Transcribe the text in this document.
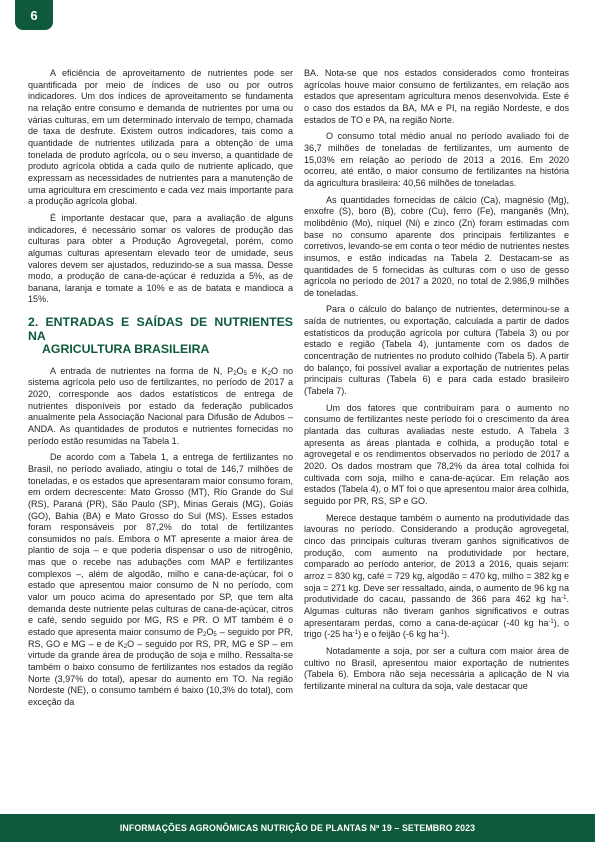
6

A eficiência de aproveitamento de nutrientes pode ser quantificada por meio de índices de uso ou por outros indicadores. Um dos índices de aproveitamento se fundamenta na relação entre consumo e demanda de nutrientes por uma ou várias culturas, em um determinado intervalo de tempo, chamada de taxa de desfrute. Existem outros indicadores, tais como a quantidade de nutrientes utilizada para a obtenção de uma tonelada de produto agrícola, ou o seu inverso, a quantidade de produto agrícola obtida a cada quilo de nutriente aplicado, que expressam as necessidades de nutrientes para a manutenção de uma agricultura em crescimento e cada vez mais importante para a produção agrícola global.

É importante destacar que, para a avaliação de alguns indicadores, é necessário somar os valores de produção das culturas para obter a Produção Agrovegetal, porém, como algumas culturas apresentam elevado teor de umidade, seus valores devem ser ajustados, reduzindo-se a sua massa. Desse modo, a produção de cana-de-açúcar é reduzida a 5%, as de banana, laranja e tomate a 10% e as de batata e mandioca a 15%.

2. ENTRADAS E SAÍDAS DE NUTRIENTES NA
AGRICULTURA BRASILEIRA

A entrada de nutrientes na forma de N, $P_2O_5$ e $K_2O$ no sistema agrícola pelo uso de fertilizantes, no período de 2017 a 2020, corresponde aos dados estatísticos de entrega de nutrientes disponíveis por estado da federação publicados anualmente pela Associação Nacional para Difusão de Adubos – ANDA. As quantidades de produtos e nutrientes fornecidas no período estão resumidas na Tabela 1.

De acordo com a Tabela 1, a entrega de fertilizantes no Brasil, no período avaliado, atingiu o total de 146,7 milhões de toneladas, e os estados que apresentaram maior consumo foram, em ordem decrescente: Mato Grosso (MT), Rio Grande do Sul (RS), Paraná (PR), São Paulo (SP), Minas Gerais (MG), Goiás (GO), Bahia (BA) e Mato Grosso do Sul (MS). Esses estados foram responsáveis por 87,2% do total de fertilizantes consumidos no país. Embora o MT apresente a maior área de plantio de soja – e que poderia dispensar o uso de nitrogênio, mas que o recebe nas adubações com MAP e fertilizantes complexos –, além de algodão, milho e cana-de-açúcar, foi o estado que apresentou maior consumo de N no período, com valor um pouco acima do apresentado por SP, que tem alta demanda deste nutriente pelas culturas de cana-de-açúcar, citros e café, sendo seguido por MG, RS e PR. O MT também é o estado que apresenta maior consumo de $P_2O_5$ – seguido por PR, RS, GO e MG – e de $K_2O$ – seguido por RS, PR, MG e SP – em virtude da grande área de produção de soja e milho. Ressalta-se também o baixo consumo de fertilizantes nos estados da região Norte (3,97% do total), apesar do aumento em TO. Na região Nordeste (NE), o consumo também é baixo (10,3% do total), com exceção da

BA. Nota-se que nos estados considerados como fronteiras agrícolas houve maior consumo de fertilizantes, em relação aos estados que apresentam agricultura menos desenvolvida. Este é o caso dos estados da BA, MA e PI, na região Nordeste, e dos estados de TO e PA, na região Norte.

O consumo total médio anual no período avaliado foi de 36,7 milhões de toneladas de fertilizantes, um aumento de 15,03% em relação ao período de 2013 a 2016. Em 2020 ocorreu, até então, o maior consumo de fertilizantes na história da agricultura brasileira: 40,56 milhões de toneladas.

As quantidades fornecidas de cálcio (Ca), magnésio (Mg), enxofre (S), boro (B), cobre (Cu), ferro (Fe), manganês (Mn), molibdênio (Mo), níquel (Ni) e zinco (Zn) foram estimadas com base no consumo aparente dos principais fertilizantes e corretivos, levando-se em conta o teor médio de nutrientes nestes insumos, e estão indicadas na Tabela 2. Destacam-se as quantidades de 5 fornecidas às culturas com o uso de gesso agrícola no período de 2017 a 2020, no total de 2.986,9 milhões de toneladas.

Para o cálculo do balanço de nutrientes, determinou-se a saída de nutrientes, ou exportação, calculada a partir de dados estatísticos da produção agrícola por cultura (Tabela 3) ou por estado e região (Tabela 4), juntamente com os dados de concentração de nutrientes no produto colhido (Tabela 5). A partir do balanço, foi possível avaliar a exportação de nutrientes pelas principais culturas (Tabela 6) e para cada estado brasileiro (Tabela 7).

Um dos fatores que contribuíram para o aumento no consumo de fertilizantes neste período foi o crescimento da área plantada das culturas avaliadas neste estudo. A Tabela 3 apresenta as áreas plantada e colhida, a produção total e agrovegetal e os rendimentos observados no período de 2017 a 2020. Os dados mostram que 78,2% da área total colhida foi cultivada com soja, milho e cana-de-açúcar. Em relação aos estados (Tabela 4), o MT foi o que apresentou maior área colhida, seguido por PR, RS, SP e GO.

Merece destaque também o aumento na produtividade das lavouras no período. Considerando a produção agrovegetal, cinco das principais culturas tiveram ganhos significativos de produção, com aumento na produtividade por hectare, comparado ao período anterior, de 2013 a 2016, quais sejam: arroz = 830 kg, café = 729 kg, algodão = 470 kg, milho = 382 kg e soja = 271 kg. Deve ser ressaltado, ainda, o aumento de 96 kg na produtividade do cacau, passando de 366 para 462 kg $ha^{-1}$. Algumas culturas não tiveram ganhos significativos e outras apresentaram perdas, como a cana-de-açúcar (-40 kg $ha^{-1}$), o trigo (-25 $ha^{-1}$) e o feijão (-6 kg $ha^{-1}$).

Notadamente a soja, por ser a cultura com maior área de cultivo no Brasil, apresentou maior exportação de nutrientes (Tabela 6). Embora não seja necessária a aplicação de N via fertilizante mineral na cultura da soja, vale destacar que

INFORMAÇÕES AGRONÔMICAS NUTRIÇÃO DE PLANTAS Nº 19 – SETEMBRO 2023
